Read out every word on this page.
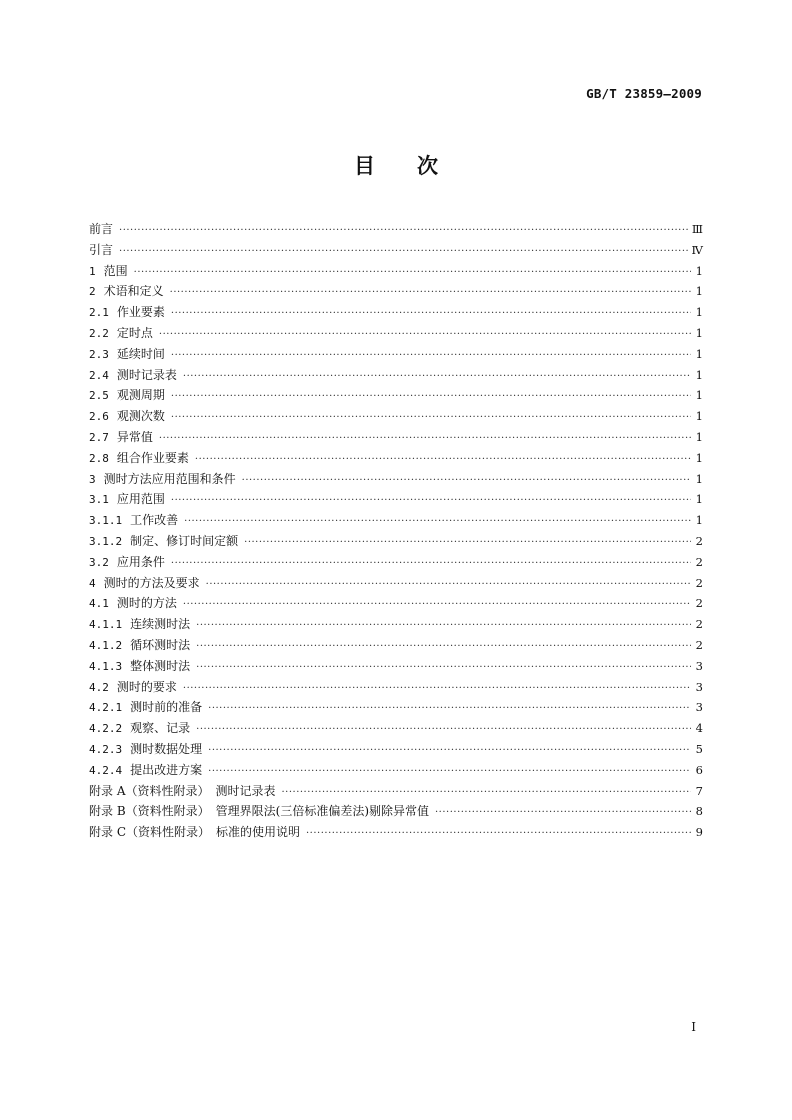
GB/T 23859—2009
目　　次
前言 ·····	Ⅲ
引言 ·····	Ⅳ
1 范围 ·····	1
2 术语和定义 ·····	1
2.1 作业要素 ·····	1
2.2 定时点 ·····	1
2.3 延续时间 ·····	1
2.4 测时记录表 ·····	1
2.5 观测周期 ·····	1
2.6 观测次数 ·····	1
2.7 异常值 ·····	1
2.8 组合作业要素 ·····	1
3 测时方法应用范围和条件 ·····	1
3.1 应用范围 ·····	1
3.1.1 工作改善 ·····	1
3.1.2 制定、修订时间定额 ·····	2
3.2 应用条件 ·····	2
4 测时的方法及要求 ·····	2
4.1 测时的方法 ·····	2
4.1.1 连续测时法 ·····	2
4.1.2 循环测时法 ·····	2
4.1.3 整体测时法 ·····	3
4.2 测时的要求 ·····	3
4.2.1 测时前的准备 ·····	3
4.2.2 观察、记录 ·····	4
4.2.3 测时数据处理 ·····	5
4.2.4 提出改进方案 ·····	6
附录 A（资料性附录）　测时记录表 ·····	7
附录 B（资料性附录）　管理界限法(三倍标准偏差法)剔除异常值 ·····	8
附录 C（资料性附录）　标准的使用说明 ·····	9
Ⅰ
